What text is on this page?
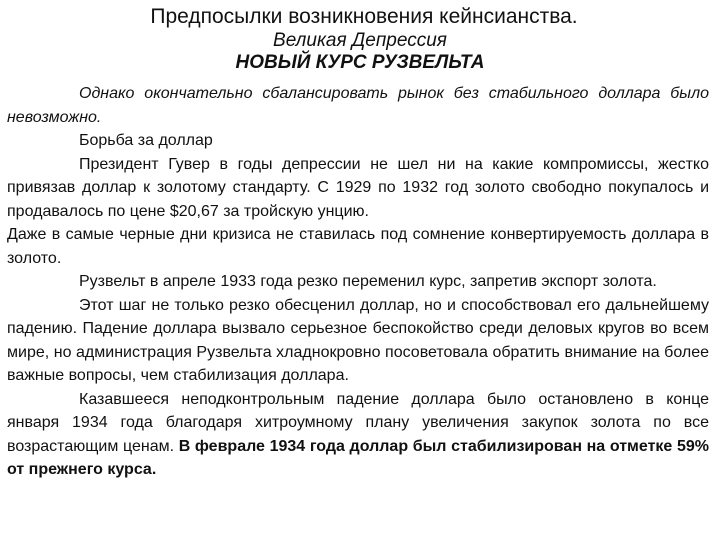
Предпосылки возникновения кейнсианства.
Великая Депрессия
НОВЫЙ КУРС РУЗВЕЛЬТА

Однако окончательно сбалансировать рынок без стабильного доллара было невозможно.

Борьба за доллар

Президент Гувер в годы депрессии не шел ни на какие компромиссы, жестко привязав доллар к золотому стандарту. С 1929 по 1932 год золото свободно покупалось и продавалось по цене $20,67 за тройскую унцию.

Даже в самые черные дни кризиса не ставилась под сомнение конвертируемость доллара в золото.

Рузвельт в апреле 1933 года резко переменил курс, запретив экспорт золота.

Этот шаг не только резко обесценил доллар, но и способствовал его дальнейшему падению. Падение доллара вызвало серьезное беспокойство среди деловых кругов во всем мире, но администрация Рузвельта хладнокровно посоветовала обратить внимание на более важные вопросы, чем стабилизация доллара.

Казавшееся неподконтрольным падение доллара было остановлено в конце января 1934 года благодаря хитроумному плану увеличения закупок золота по все возрастающим ценам. В феврале 1934 года доллар был стабилизирован на отметке 59% от прежнего курса.
